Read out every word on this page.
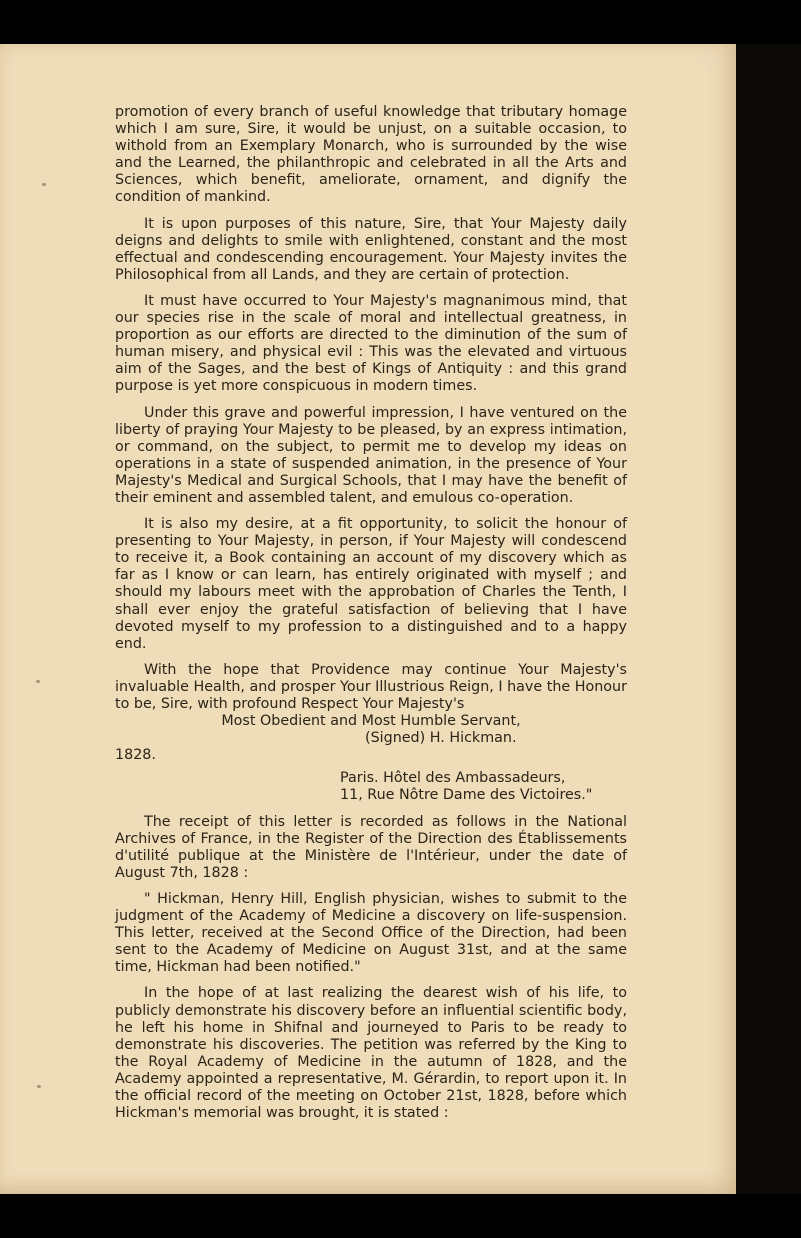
promotion of every branch of useful knowledge that tributary homage which I am sure, Sire, it would be unjust, on a suitable occasion, to withold from an Exemplary Monarch, who is surrounded by the wise and the Learned, the philanthropic and celebrated in all the Arts and Sciences, which benefit, ameliorate, ornament, and dignify the condition of mankind.

It is upon purposes of this nature, Sire, that Your Majesty daily deigns and delights to smile with enlightened, constant and the most effectual and condescending encouragement. Your Majesty invites the Philosophical from all Lands, and they are certain of protection.

It must have occurred to Your Majesty's magnanimous mind, that our species rise in the scale of moral and intellectual greatness, in proportion as our efforts are directed to the diminution of the sum of human misery, and physical evil : This was the elevated and virtuous aim of the Sages, and the best of Kings of Antiquity : and this grand purpose is yet more conspicuous in modern times.

Under this grave and powerful impression, I have ventured on the liberty of praying Your Majesty to be pleased, by an express intimation, or command, on the subject, to permit me to develop my ideas on operations in a state of suspended animation, in the presence of Your Majesty's Medical and Surgical Schools, that I may have the benefit of their eminent and assembled talent, and emulous co-operation.

It is also my desire, at a fit opportunity, to solicit the honour of presenting to Your Majesty, in person, if Your Majesty will condescend to receive it, a Book containing an account of my discovery which as far as I know or can learn, has entirely originated with myself ; and should my labours meet with the approbation of Charles the Tenth, I shall ever enjoy the grateful satisfaction of believing that I have devoted myself to my profession to a distinguished and to a happy end.

With the hope that Providence may continue Your Majesty's invaluable Health, and prosper Your Illustrious Reign, I have the Honour to be, Sire, with profound Respect Your Majesty's

Most Obedient and Most Humble Servant,
(Signed) H. Hickman.
1828.
Paris. Hôtel des Ambassadeurs,
11, Rue Nôtre Dame des Victoires."

The receipt of this letter is recorded as follows in the National Archives of France, in the Register of the Direction des Établissements d'utilité publique at the Ministère de l'Intérieur, under the date of August 7th, 1828 :

" Hickman, Henry Hill, English physician, wishes to submit to the judgment of the Academy of Medicine a discovery on life-suspension. This letter, received at the Second Office of the Direction, had been sent to the Academy of Medicine on August 31st, and at the same time, Hickman had been notified."

In the hope of at last realizing the dearest wish of his life, to publicly demonstrate his discovery before an influential scientific body, he left his home in Shifnal and journeyed to Paris to be ready to demonstrate his discoveries. The petition was referred by the King to the Royal Academy of Medicine in the autumn of 1828, and the Academy appointed a representative, M. Gérardin, to report upon it. In the official record of the meeting on October 21st, 1828, before which Hickman's memorial was brought, it is stated :
